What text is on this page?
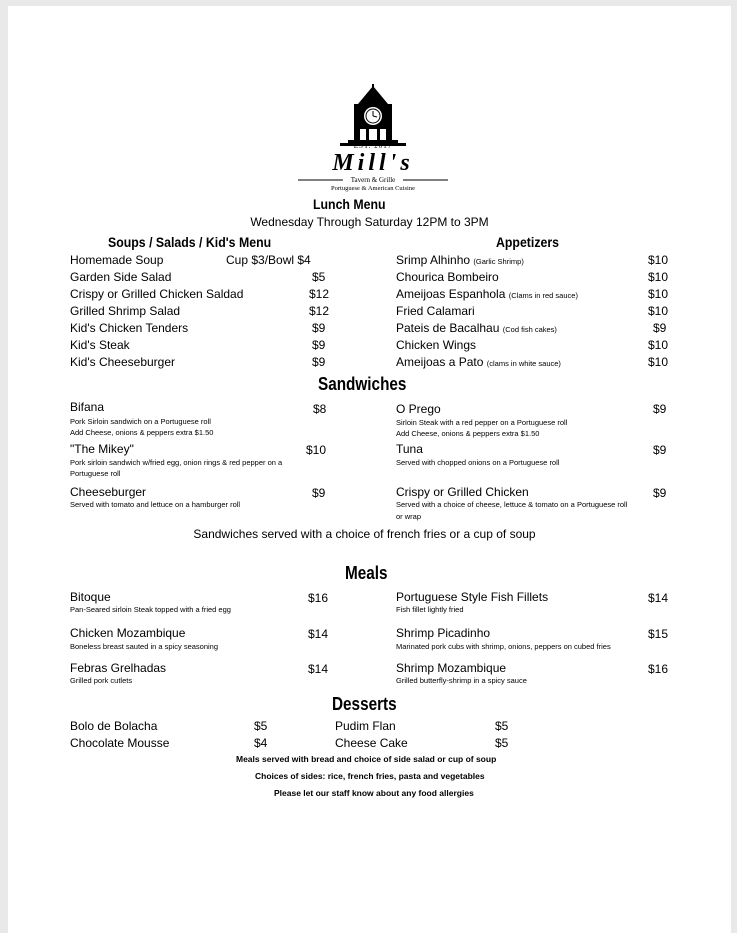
EST. 2017
Mill's
Tavern & Grille
Portuguese & American Cuisine
Lunch Menu
Wednesday Through Saturday 12PM to 3PM
Soups / Salads / Kid's Menu
Homemade Soup	Cup $3/Bowl $4
Garden Side Salad	$5
Crispy or Grilled Chicken Saldad	$12
Grilled Shrimp Salad	$12
Kid's Chicken Tenders	$9
Kid's Steak	$9
Kid's Cheeseburger	$9
Appetizers
Srimp Alhinho (Garlic Shrimp)	$10
Chourica Bombeiro	$10
Ameijoas Espanhola (Clams in red sauce)	$10
Fried Calamari	$10
Pateis de Bacalhau (Cod fish cakes)	$9
Chicken Wings	$10
Ameijoas a Pato (clams in white sauce)	$10
Sandwiches
Bifana	$8
Pork Sirloin sandwich on a Portuguese roll
Add Cheese, onions & peppers extra $1.50
"The Mikey"	$10
Pork sirloin sandwich w/fried egg, onion rings & red pepper on a
Portuguese roll
Cheeseburger	$9
Served with tomato and lettuce on a hamburger roll
O Prego	$9
Sirloin Steak with a red pepper on a Portuguese roll
Add Cheese, onions & peppers extra $1.50
Tuna	$9
Served with chopped onions on a Portuguese roll
Crispy or Grilled Chicken	$9
Served with a choice of cheese, lettuce & tomato on a Portuguese roll
or wrap
Sandwiches served with a choice of french fries or a cup of soup
Meals
Bitoque	$16
Pan-Seared sirloin Steak topped with a fried egg
Chicken Mozambique	$14
Boneless breast sauted in a spicy seasoning
Febras Grelhadas	$14
Grilled pork cutlets
Portuguese Style Fish Fillets	$14
Fish fillet lightly fried
Shrimp Picadinho	$15
Marinated pork cubs with shrimp, onions, peppers on cubed fries
Shrimp Mozambique	$16
Grilled butterfly-shrimp in a spicy sauce
Desserts
Bolo de Bolacha	$5
Chocolate Mousse	$4
Pudim Flan	$5
Cheese Cake	$5
Meals served with bread and choice of side salad or cup of soup
Choices of sides: rice, french fries, pasta and vegetables
Please let our staff know about any food allergies
